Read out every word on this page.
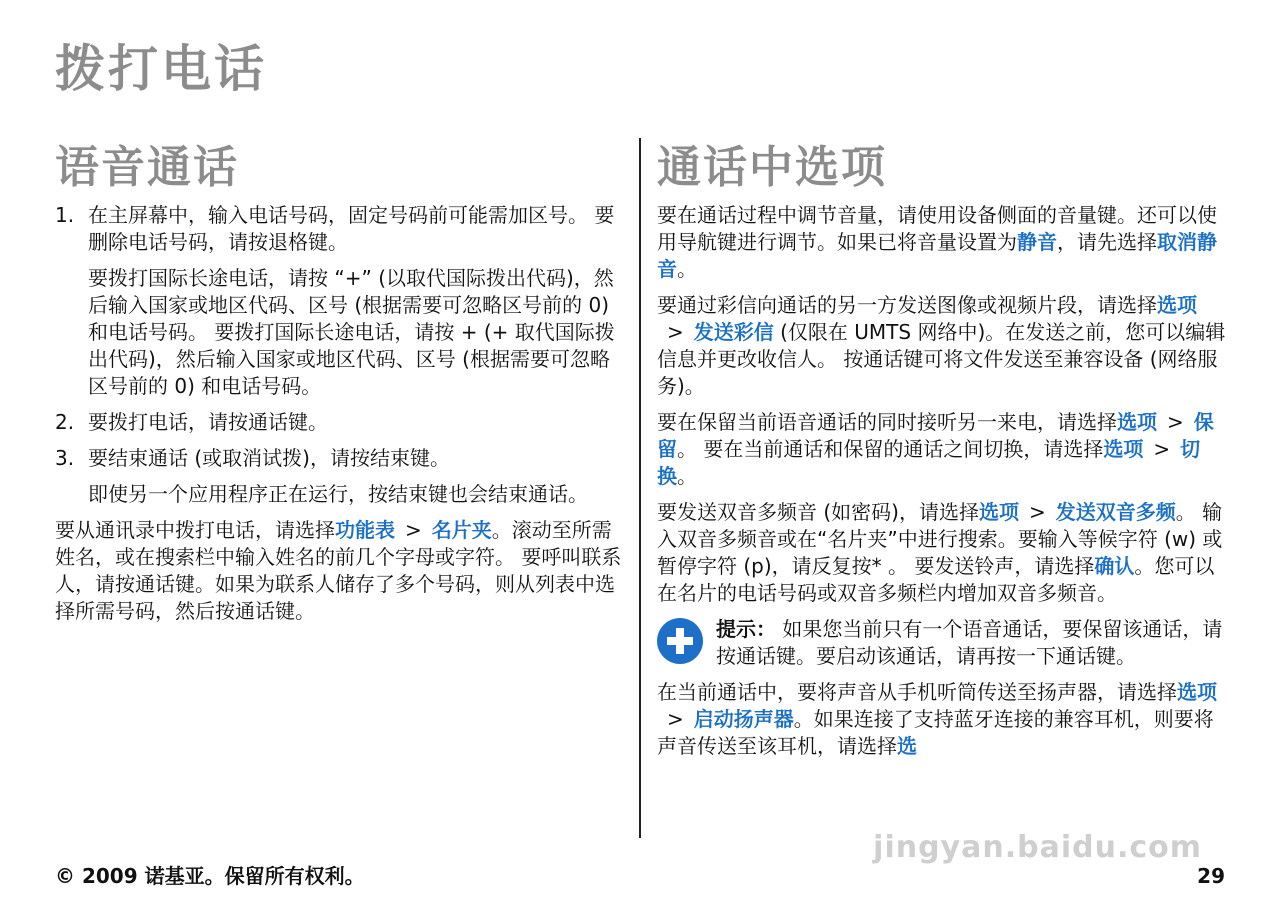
拨打电话
语音通话
1. 在主屏幕中，输入电话号码，固定号码前可能需加区号。 要删除电话号码，请按退格键。

要拨打国际长途电话，请按 “+” (以取代国际拨出代码)，然后输入国家或地区代码、区号 (根据需要可忽略区号前的 0) 和电话号码。 要拨打国际长途电话，请按 + (+ 取代国际拨出代码)，然后输入国家或地区代码、区号 (根据需要可忽略区号前的 0) 和电话号码。

2. 要拨打电话，请按通话键。
3. 要结束通话 (或取消试拨)，请按结束键。

即使另一个应用程序正在运行，按结束键也会结束通话。

要从通讯录中拨打电话，请选择功能表 > 名片夹。滚动至所需姓名，或在搜索栏中输入姓名的前几个字母或字符。 要呼叫联系人，请按通话键。如果为联系人储存了多个号码，则从列表中选择所需号码，然后按通话键。

通话中选项

要在通话过程中调节音量，请使用设备侧面的音量键。还可以使用导航键进行调节。如果已将音量设置为静音，请先选择取消静音。

要通过彩信向通话的另一方发送图像或视频片段，请选择选项> 发送彩信 (仅限在 UMTS 网络中)。在发送之前，您可以编辑信息并更改收信人。 按通话键可将文件发送至兼容设备 (网络服务)。

要在保留当前语音通话的同时接听另一来电，请选择选项 > 保留。 要在当前通话和保留的通话之间切换，请选择选项 > 切换。

要发送双音多频音 (如密码)，请选择选项 > 发送双音多频。 输入双音多频音或在“名片夹”中进行搜索。要输入等候字符 (w) 或暂停字符 (p)，请反复按* 。 要发送铃声，请选择确认。您可以在名片的电话号码或双音多频栏内增加双音多频音。

提示： 如果您当前只有一个语音通话，要保留该通话，请按通话键。要启动该通话，请再按一下通话键。

在当前通话中，要将声音从手机听筒传送至扬声器，请选择选项> 启动扬声器。如果连接了支持蓝牙连接的兼容耳机，则要将声音传送至该耳机，请选择选

jingyan.baidu.com
© 2009 诺基亚。保留所有权利。	29
